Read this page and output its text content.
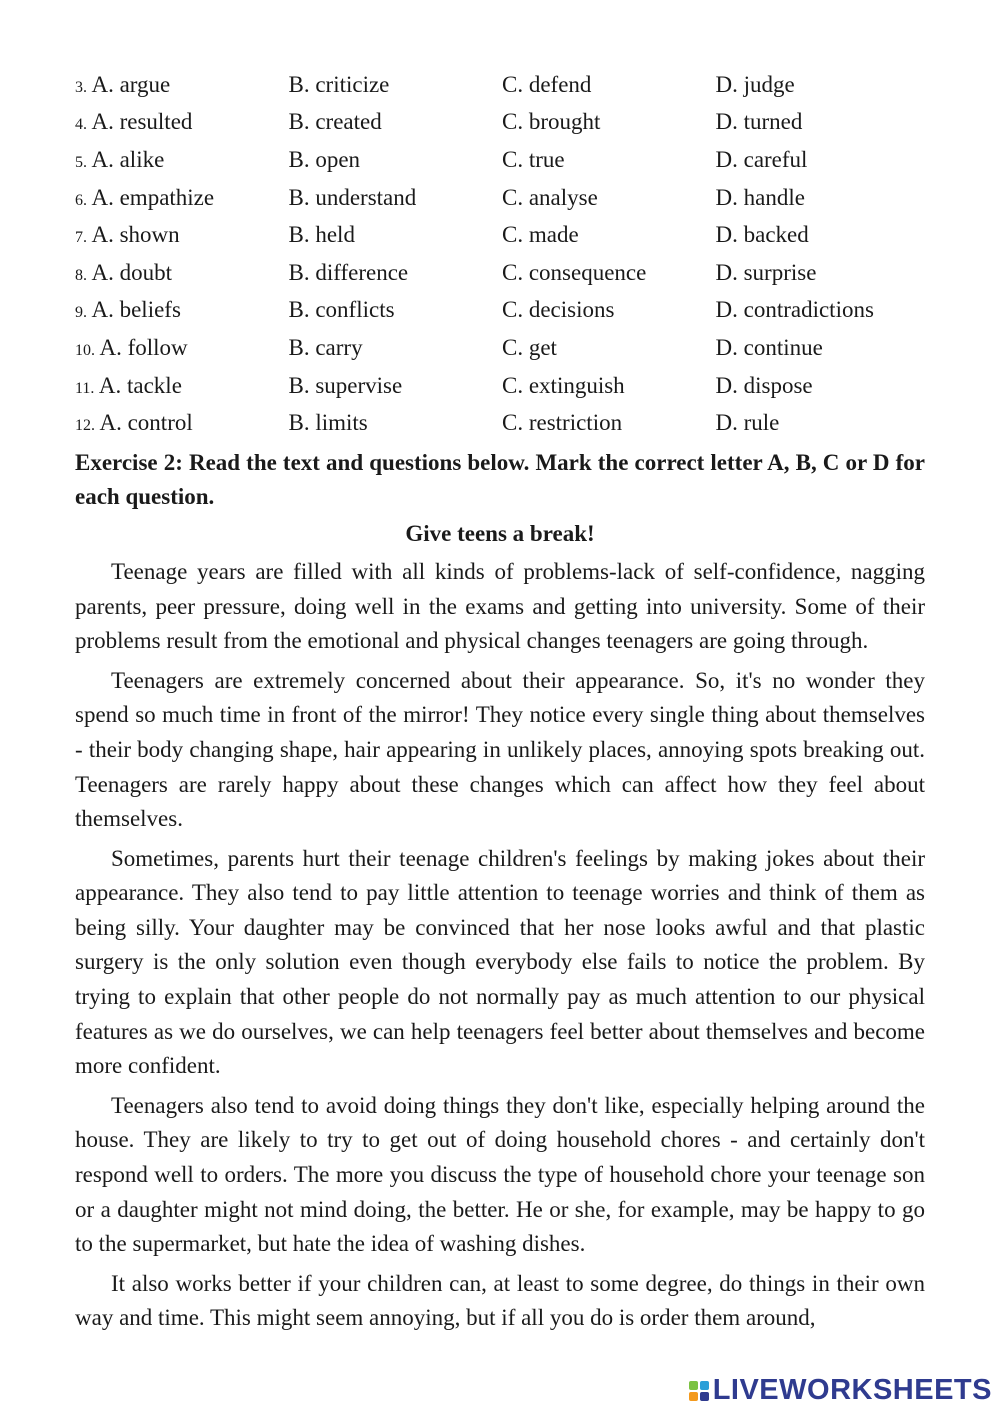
3. A. argue	B. criticize	C. defend	D. judge
4. A. resulted	B. created	C. brought	D. turned
5. A. alike	B. open	C. true	D. careful
6. A. empathize	B. understand	C. analyse	D. handle
7. A. shown	B. held	C. made	D. backed
8. A. doubt	B. difference	C. consequence	D. surprise
9. A. beliefs	B. conflicts	C. decisions	D. contradictions
10. A. follow	B. carry	C. get	D. continue
11. A. tackle	B. supervise	C. extinguish	D. dispose
12. A. control	B. limits	C. restriction	D. rule
Exercise 2: Read the text and questions below. Mark the correct letter A, B, C or D for each question.
Give teens a break!

Teenage years are filled with all kinds of problems-lack of self-confidence, nagging parents, peer pressure, doing well in the exams and getting into university. Some of their problems result from the emotional and physical changes teenagers are going through.

Teenagers are extremely concerned about their appearance. So, it's no wonder they spend so much time in front of the mirror! They notice every single thing about themselves - their body changing shape, hair appearing in unlikely places, annoying spots breaking out. Teenagers are rarely happy about these changes which can affect how they feel about themselves.

Sometimes, parents hurt their teenage children's feelings by making jokes about their appearance. They also tend to pay little attention to teenage worries and think of them as being silly. Your daughter may be convinced that her nose looks awful and that plastic surgery is the only solution even though everybody else fails to notice the problem. By trying to explain that other people do not normally pay as much attention to our physical features as we do ourselves, we can help teenagers feel better about themselves and become more confident.

Teenagers also tend to avoid doing things they don't like, especially helping around the house. They are likely to try to get out of doing household chores - and certainly don't respond well to orders. The more you discuss the type of household chore your teenage son or a daughter might not mind doing, the better. He or she, for example, may be happy to go to the supermarket, but hate the idea of washing dishes.

It also works better if your children can, at least to some degree, do things in their own way and time. This might seem annoying, but if all you do is order them around,

LIVEWORKSHEETS
